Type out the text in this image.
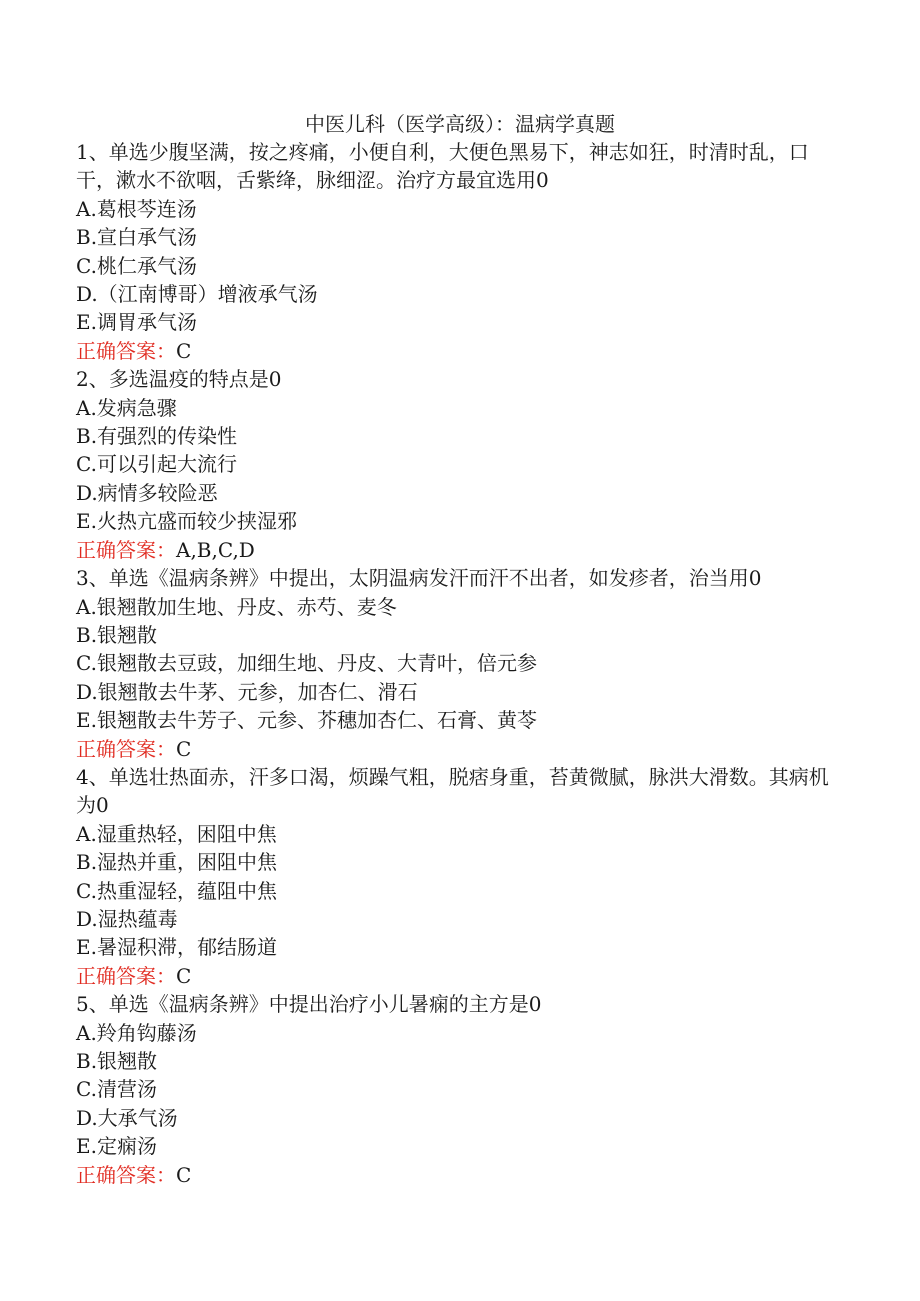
中医儿科（医学高级）：温病学真题

1、单选少腹坚满，按之疼痛，小便自利，大便色黑易下，神志如狂，时清时乱，口干，漱水不欲咽，舌紫绛，脉细涩。治疗方最宜选用0

A.葛根芩连汤

B.宣白承气汤

C.桃仁承气汤

D.（江南博哥）增液承气汤

E.调胃承气汤

正确答案：C

2、多选温疫的特点是0

A.发病急骤

B.有强烈的传染性

C.可以引起大流行

D.病情多较险恶

E.火热亢盛而较少挟湿邪

正确答案：A,B,C,D

3、单选《温病条辨》中提出，太阴温病发汗而汗不出者，如发疹者，治当用0

A.银翘散加生地、丹皮、赤芍、麦冬

B.银翘散

C.银翘散去豆豉，加细生地、丹皮、大青叶，倍元参

D.银翘散去牛茅、元参，加杏仁、滑石

E.银翘散去牛芳子、元参、芥穗加杏仁、石膏、黄苓

正确答案：C

4、单选壮热面赤，汗多口渴，烦躁气粗，脱痞身重，苔黄微腻，脉洪大滑数。其病机为0

A.湿重热轻，困阻中焦

B.湿热并重，困阻中焦

C.热重湿轻，蕴阻中焦

D.湿热蕴毒

E.暑湿积滞，郁结肠道

正确答案：C

5、单选《温病条辨》中提出治疗小儿暑痫的主方是0

A.羚角钩藤汤

B.银翘散

C.清营汤

D.大承气汤

E.定痫汤

正确答案：C
